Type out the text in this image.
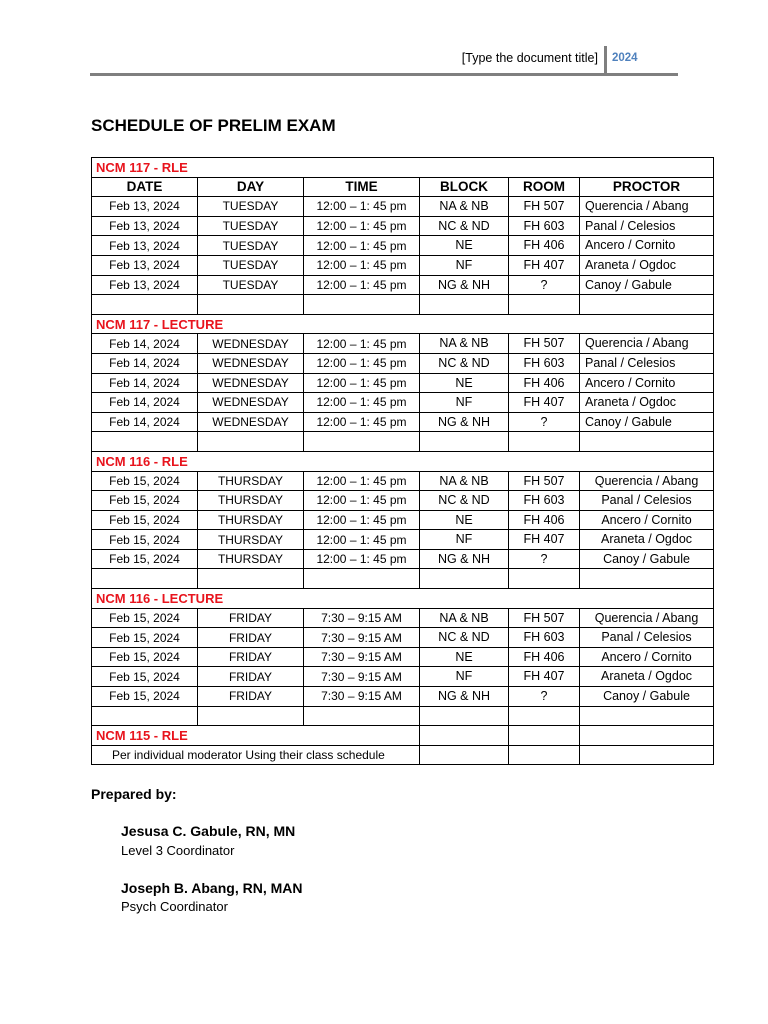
[Type the document title] 2024
SCHEDULE OF PRELIM EXAM
NCM 117 - RLE					
DATE	DAY	TIME	BLOCK	ROOM	PROCTOR
Feb 13, 2024	TUESDAY	12:00 – 1: 45 pm	NA & NB	FH 507	Querencia / Abang
Feb 13, 2024	TUESDAY	12:00 – 1: 45 pm	NC & ND	FH 603	Panal / Celesios
Feb 13, 2024	TUESDAY	12:00 – 1: 45 pm	NE	FH 406	Ancero / Cornito
Feb 13, 2024	TUESDAY	12:00 – 1: 45 pm	NF	FH 407	Araneta / Ogdoc
Feb 13, 2024	TUESDAY	12:00 – 1: 45 pm	NG & NH	?	Canoy / Gabule

NCM 117 - LECTURE					
Feb 14, 2024	WEDNESDAY	12:00 – 1: 45 pm	NA & NB	FH 507	Querencia / Abang
Feb 14, 2024	WEDNESDAY	12:00 – 1: 45 pm	NC & ND	FH 603	Panal / Celesios
Feb 14, 2024	WEDNESDAY	12:00 – 1: 45 pm	NE	FH 406	Ancero / Cornito
Feb 14, 2024	WEDNESDAY	12:00 – 1: 45 pm	NF	FH 407	Araneta / Ogdoc
Feb 14, 2024	WEDNESDAY	12:00 – 1: 45 pm	NG & NH	?	Canoy / Gabule

NCM 116 - RLE					
Feb 15, 2024	THURSDAY	12:00 – 1: 45 pm	NA & NB	FH 507	Querencia / Abang
Feb 15, 2024	THURSDAY	12:00 – 1: 45 pm	NC & ND	FH 603	Panal / Celesios
Feb 15, 2024	THURSDAY	12:00 – 1: 45 pm	NE	FH 406	Ancero / Cornito
Feb 15, 2024	THURSDAY	12:00 – 1: 45 pm	NF	FH 407	Araneta / Ogdoc
Feb 15, 2024	THURSDAY	12:00 – 1: 45 pm	NG & NH	?	Canoy / Gabule

NCM 116 - LECTURE					
Feb 15, 2024	FRIDAY	7:30 – 9:15 AM	NA & NB	FH 507	Querencia / Abang
Feb 15, 2024	FRIDAY	7:30 – 9:15 AM	NC & ND	FH 603	Panal / Celesios
Feb 15, 2024	FRIDAY	7:30 – 9:15 AM	NE	FH 406	Ancero / Cornito
Feb 15, 2024	FRIDAY	7:30 – 9:15 AM	NF	FH 407	Araneta / Ogdoc
Feb 15, 2024	FRIDAY	7:30 – 9:15 AM	NG & NH	?	Canoy / Gabule

NCM 115 - RLE					
Per individual moderator Using their class schedule					
Prepared by:
Jesusa C. Gabule, RN, MN
Level 3 Coordinator
Joseph B. Abang, RN, MAN
Psych Coordinator
